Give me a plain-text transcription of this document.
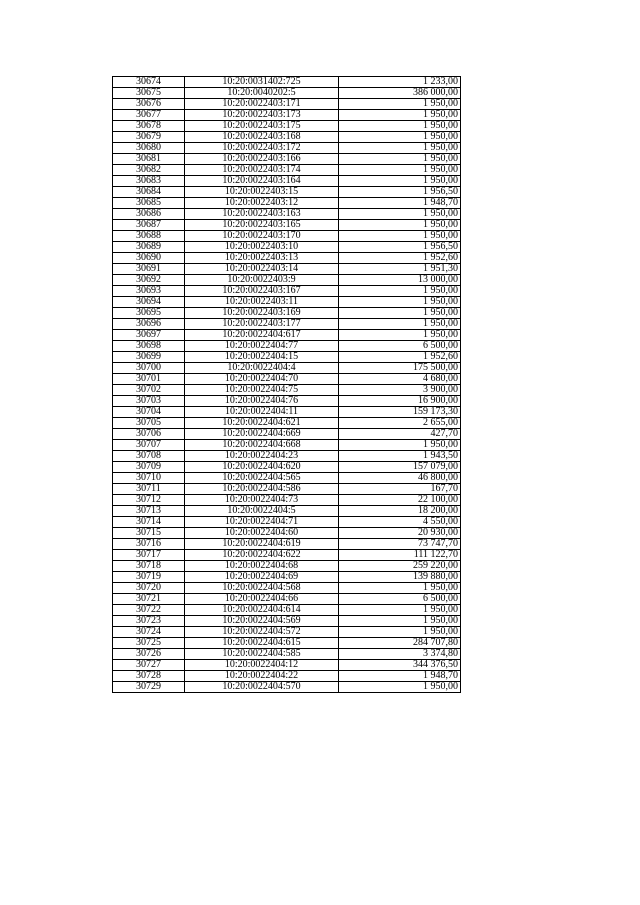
30674	10:20:0031402:725	1 233,00
30675	10:20:0040202:5	386 000,00
30676	10:20:0022403:171	1 950,00
30677	10:20:0022403:173	1 950,00
30678	10:20:0022403:175	1 950,00
30679	10:20:0022403:168	1 950,00
30680	10:20:0022403:172	1 950,00
30681	10:20:0022403:166	1 950,00
30682	10:20:0022403:174	1 950,00
30683	10:20:0022403:164	1 950,00
30684	10:20:0022403:15	1 956,50
30685	10:20:0022403:12	1 948,70
30686	10:20:0022403:163	1 950,00
30687	10:20:0022403:165	1 950,00
30688	10:20:0022403:170	1 950,00
30689	10:20:0022403:10	1 956,50
30690	10:20:0022403:13	1 952,60
30691	10:20:0022403:14	1 951,30
30692	10:20:0022403:9	13 000,00
30693	10:20:0022403:167	1 950,00
30694	10:20:0022403:11	1 950,00
30695	10:20:0022403:169	1 950,00
30696	10:20:0022403:177	1 950,00
30697	10:20:0022404:617	1 950,00
30698	10:20:0022404:77	6 500,00
30699	10:20:0022404:15	1 952,60
30700	10:20:0022404:4	175 500,00
30701	10:20:0022404:70	4 680,00
30702	10:20:0022404:75	3 900,00
30703	10:20:0022404:76	16 900,00
30704	10:20:0022404:11	159 173,30
30705	10:20:0022404:621	2 655,00
30706	10:20:0022404:669	427,70
30707	10:20:0022404:668	1 950,00
30708	10:20:0022404:23	1 943,50
30709	10:20:0022404:620	157 079,00
30710	10:20:0022404:565	46 800,00
30711	10:20:0022404:586	167,70
30712	10:20:0022404:73	22 100,00
30713	10:20:0022404:5	18 200,00
30714	10:20:0022404:71	4 550,00
30715	10:20:0022404:60	20 930,00
30716	10:20:0022404:619	73 747,70
30717	10:20:0022404:622	111 122,70
30718	10:20:0022404:68	259 220,00
30719	10:20:0022404:69	139 880,00
30720	10:20:0022404:568	1 950,00
30721	10:20:0022404:66	6 500,00
30722	10:20:0022404:614	1 950,00
30723	10:20:0022404:569	1 950,00
30724	10:20:0022404:572	1 950,00
30725	10:20:0022404:615	284 707,80
30726	10:20:0022404:585	3 374,80
30727	10:20:0022404:12	344 376,50
30728	10:20:0022404:22	1 948,70
30729	10:20:0022404:570	1 950,00
